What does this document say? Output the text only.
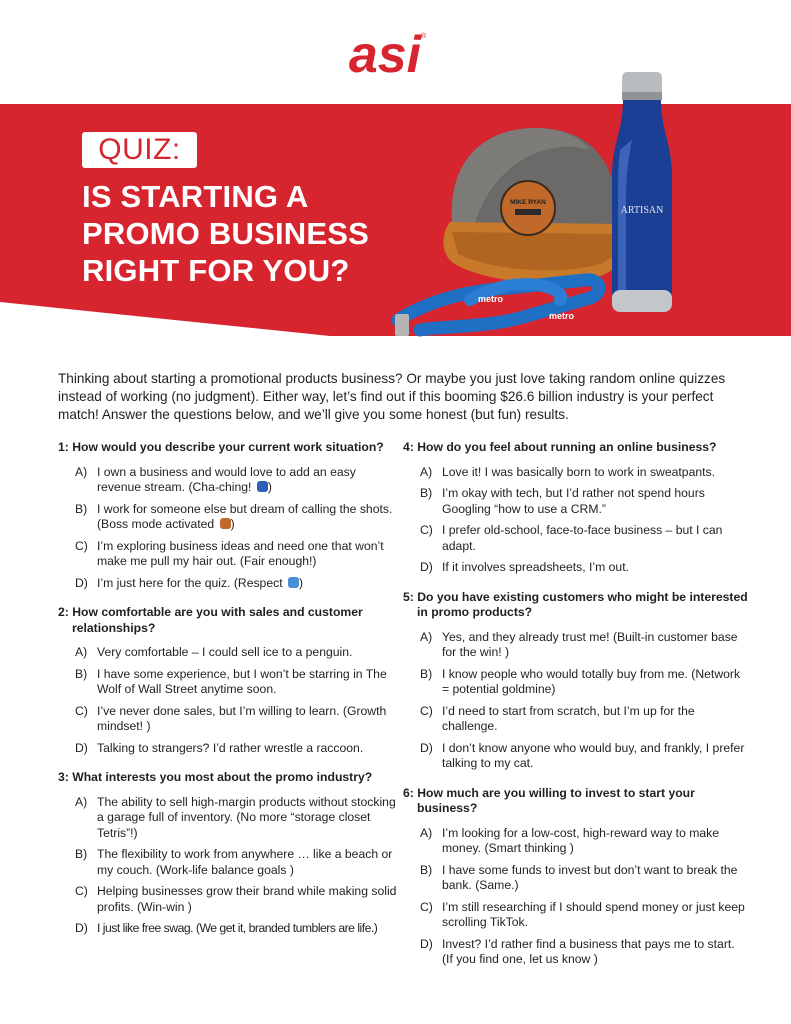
asi ®
QUIZ:
IS STARTING A
PROMO BUSINESS
RIGHT FOR YOU?
MIKE RYAN
metro
metro
ARTISAN

Thinking about starting a promotional products business? Or maybe you just love taking random online quizzes instead of working (no judgment). Either way, let’s find out if this booming $26.6 billion industry is your perfect match! Answer the questions below, and we’ll give you some honest (but fun) results.

1: How would you describe your current work situation?
A) I own a business and would love to add an easy revenue stream. (Cha-ching! )
B) I work for someone else but dream of calling the shots. (Boss mode activated )
C) I’m exploring business ideas and need one that won’t make me pull my hair out. (Fair enough!)
D) I’m just here for the quiz. (Respect )
2: How comfortable are you with sales and customer relationships?
A) Very comfortable – I could sell ice to a penguin.
B) I have some experience, but I won’t be starring in The Wolf of Wall Street anytime soon.
C) I’ve never done sales, but I’m willing to learn. (Growth mindset! )
D) Talking to strangers? I’d rather wrestle a raccoon.
3: What interests you most about the promo industry?
A) The ability to sell high-margin products without stocking a garage full of inventory. (No more “storage closet Tetris”!)
B) The flexibility to work from anywhere … like a beach or my couch. (Work-life balance goals )
C) Helping businesses grow their brand while making solid profits. (Win-win )
D) I just like free swag. (We get it, branded tumblers are life.)
4: How do you feel about running an online business?
A) Love it! I was basically born to work in sweatpants.
B) I’m okay with tech, but I’d rather not spend hours Googling “how to use a CRM.”
C) I prefer old-school, face-to-face business – but I can adapt.
D) If it involves spreadsheets, I’m out.
5: Do you have existing customers who might be interested in promo products?
A) Yes, and they already trust me! (Built-in customer base for the win! )
B) I know people who would totally buy from me. (Network = potential goldmine)
C) I’d need to start from scratch, but I’m up for the challenge.
D) I don’t know anyone who would buy, and frankly, I prefer talking to my cat.
6: How much are you willing to invest to start your business?
A) I’m looking for a low-cost, high-reward way to make money. (Smart thinking )
B) I have some funds to invest but don’t want to break the bank. (Same.)
C) I’m still researching if I should spend money or just keep scrolling TikTok.
D) Invest? I’d rather find a business that pays me to start. (If you find one, let us know )
